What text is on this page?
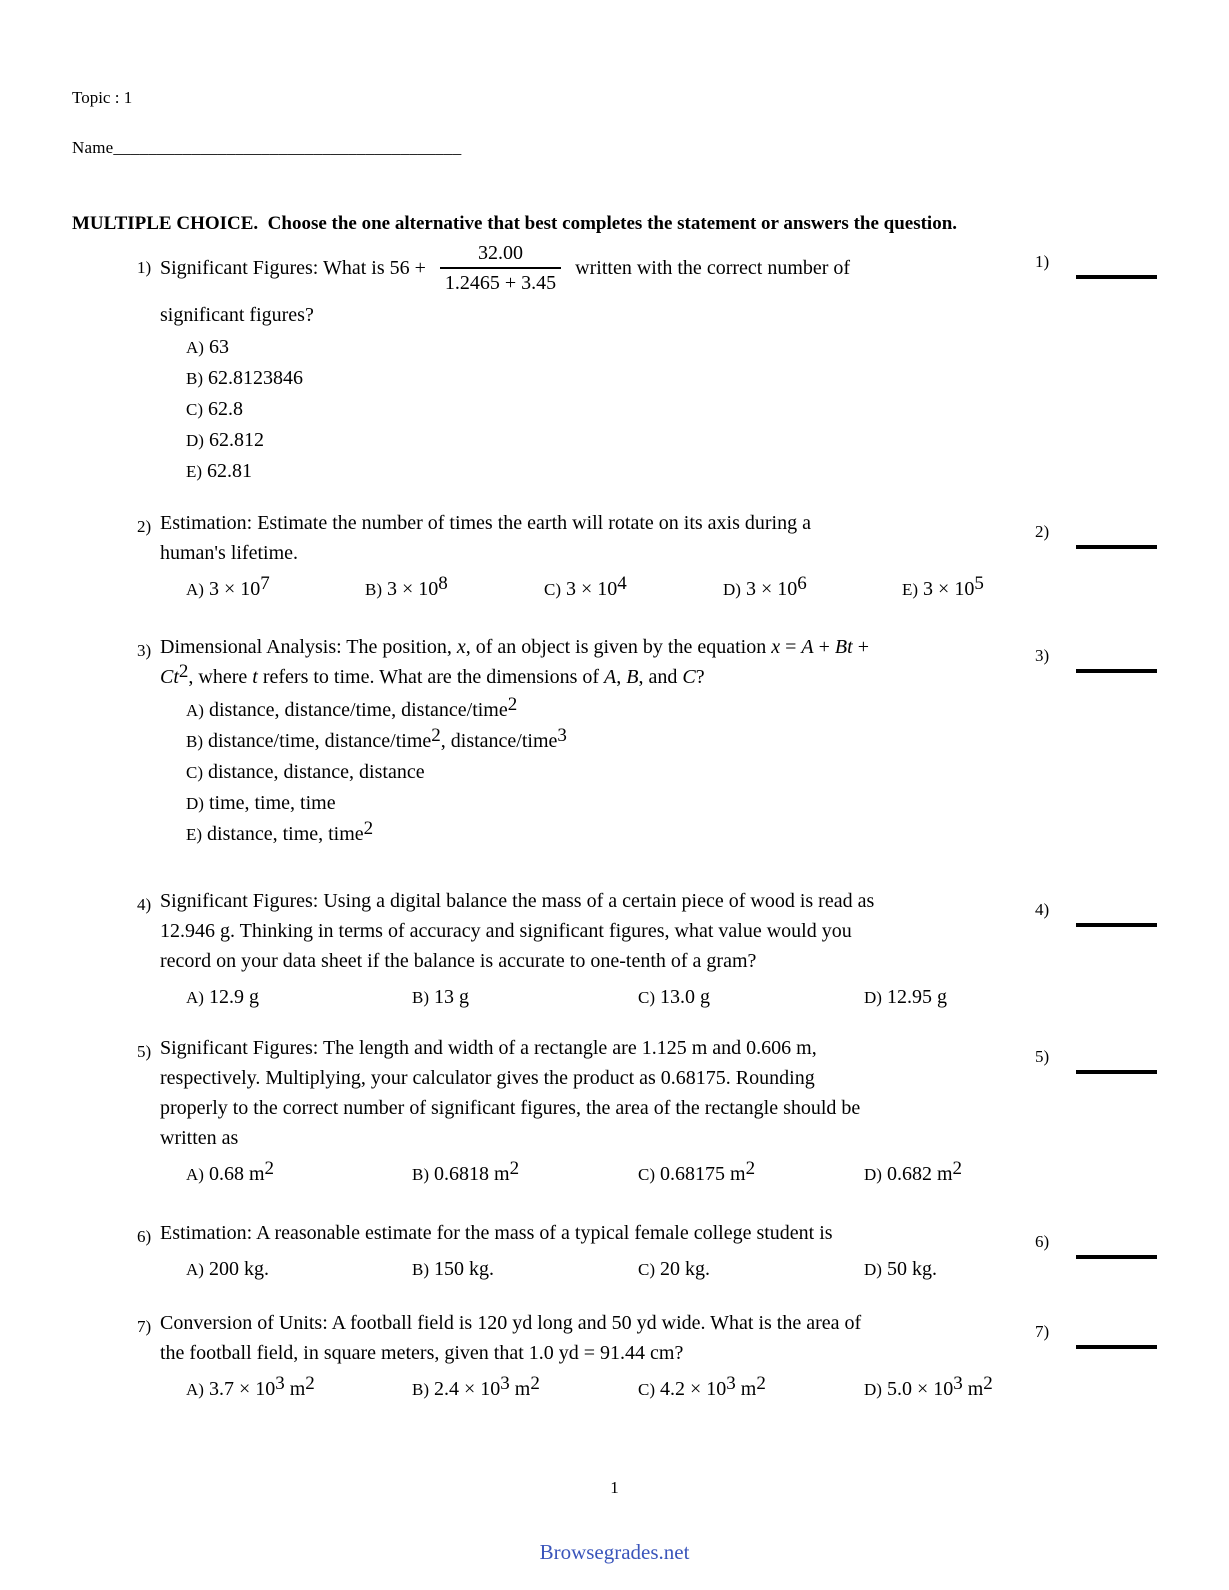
Topic : 1
Name________________________________________
MULTIPLE CHOICE.  Choose the one alternative that best completes the statement or answers the question.
1) Significant Figures: What is $56 + \frac{32.00}{1.2465 + 3.45}$ written with the correct number of
significant figures?
A) 63
B) 62.8123846
C) 62.8
D) 62.812
E) 62.81
1)
2) Estimation: Estimate the number of times the earth will rotate on its axis during a
human's lifetime.
A) 3 × 107	B) 3 × 108	C) 3 × 104	D) 3 × 106	E) 3 × 105
2)
3) Dimensional Analysis: The position, x, of an object is given by the equation x = A + Bt +
Ct2, where t refers to time. What are the dimensions of A, B, and C?
A) distance, distance/time, distance/time2
B) distance/time, distance/time2, distance/time3
C) distance, distance, distance
D) time, time, time
E) distance, time, time2
3)
4) Significant Figures: Using a digital balance the mass of a certain piece of wood is read as
12.946 g. Thinking in terms of accuracy and significant figures, what value would you
record on your data sheet if the balance is accurate to one-tenth of a gram?
A) 12.9 g	B) 13 g	C) 13.0 g	D) 12.95 g
4)
5) Significant Figures: The length and width of a rectangle are 1.125 m and 0.606 m,
respectively. Multiplying, your calculator gives the product as 0.68175. Rounding
properly to the correct number of significant figures, the area of the rectangle should be
written as
A) 0.68 m2	B) 0.6818 m2	C) 0.68175 m2	D) 0.682 m2
5)
6) Estimation: A reasonable estimate for the mass of a typical female college student is
A) 200 kg.	B) 150 kg.	C) 20 kg.	D) 50 kg.
6)
7) Conversion of Units: A football field is 120 yd long and 50 yd wide. What is the area of
the football field, in square meters, given that 1.0 yd = 91.44 cm?
A) 3.7 × 103 m2	B) 2.4 × 103 m2	C) 4.2 × 103 m2	D) 5.0 × 103 m2
7)
1
Browsegrades.net
